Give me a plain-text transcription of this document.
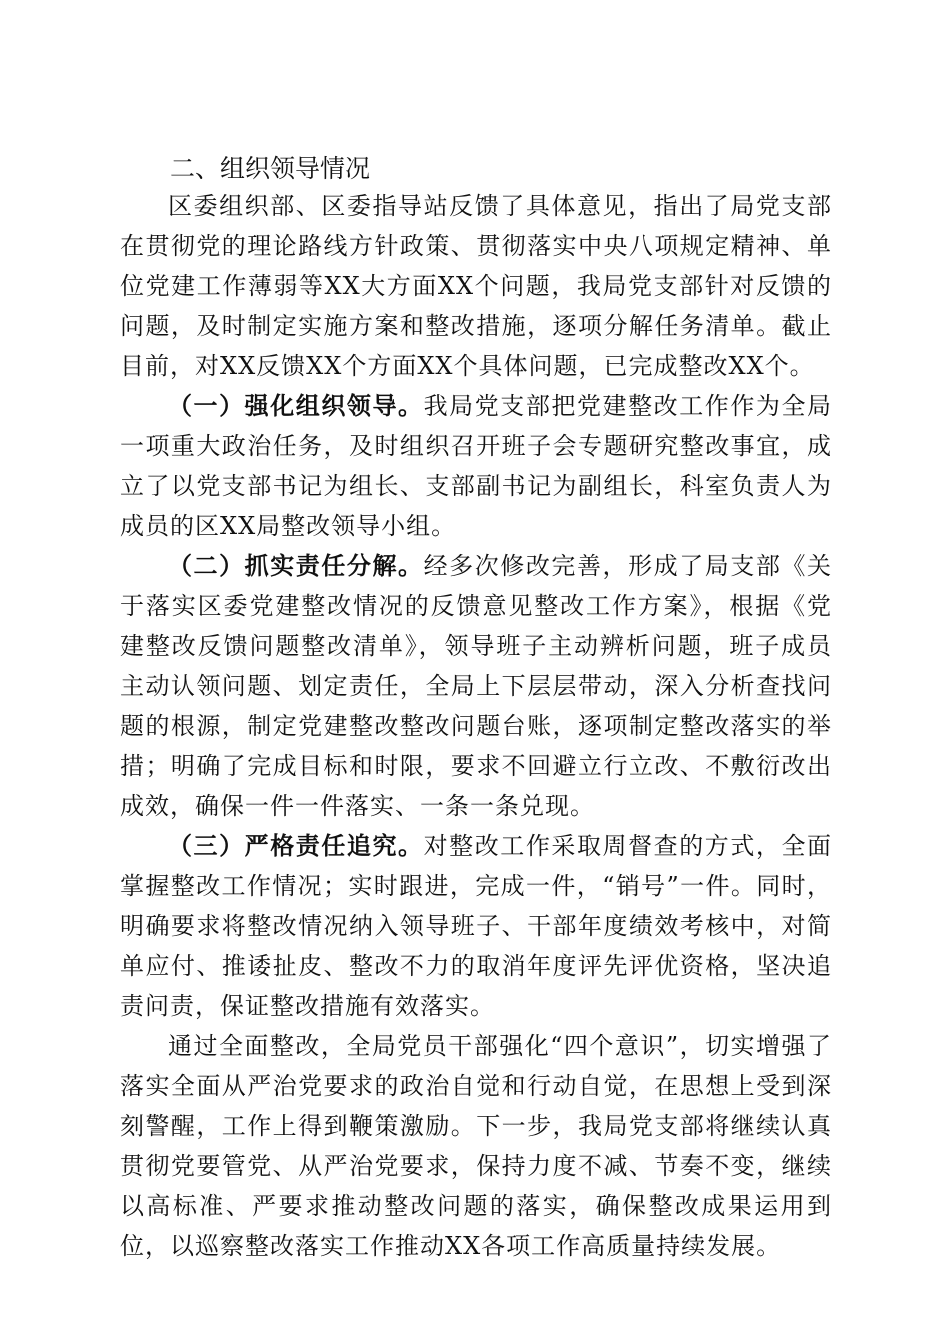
二、组织领导情况

区委组织部、区委指导站反馈了具体意见，指出了局党支部在贯彻党的理论路线方针政策、贯彻落实中央八项规定精神、单位党建工作薄弱等XX大方面XX个问题，我局党支部针对反馈的问题，及时制定实施方案和整改措施，逐项分解任务清单。截止目前，对XX反馈XX个方面XX个具体问题，已完成整改XX个。

（一）强化组织领导。我局党支部把党建整改工作作为全局一项重大政治任务，及时组织召开班子会专题研究整改事宜，成立了以党支部书记为组长、支部副书记为副组长，科室负责人为成员的区XX局整改领导小组。

（二）抓实责任分解。经多次修改完善，形成了局支部《关于落实区委党建整改情况的反馈意见整改工作方案》，根据《党建整改反馈问题整改清单》，领导班子主动辨析问题，班子成员主动认领问题、划定责任，全局上下层层带动，深入分析查找问题的根源，制定党建整改整改问题台账，逐项制定整改落实的举措；明确了完成目标和时限，要求不回避立行立改、不敷衍改出成效，确保一件一件落实、一条一条兑现。

（三）严格责任追究。对整改工作采取周督查的方式，全面掌握整改工作情况；实时跟进，完成一件，“销号”一件。同时，明确要求将整改情况纳入领导班子、干部年度绩效考核中，对简单应付、推诿扯皮、整改不力的取消年度评先评优资格，坚决追责问责，保证整改措施有效落实。

通过全面整改，全局党员干部强化“四个意识”，切实增强了落实全面从严治党要求的政治自觉和行动自觉，在思想上受到深刻警醒，工作上得到鞭策激励。下一步，我局党支部将继续认真贯彻党要管党、从严治党要求，保持力度不减、节奏不变，继续以高标准、严要求推动整改问题的落实，确保整改成果运用到位，以巡察整改落实工作推动XX各项工作高质量持续发展。
